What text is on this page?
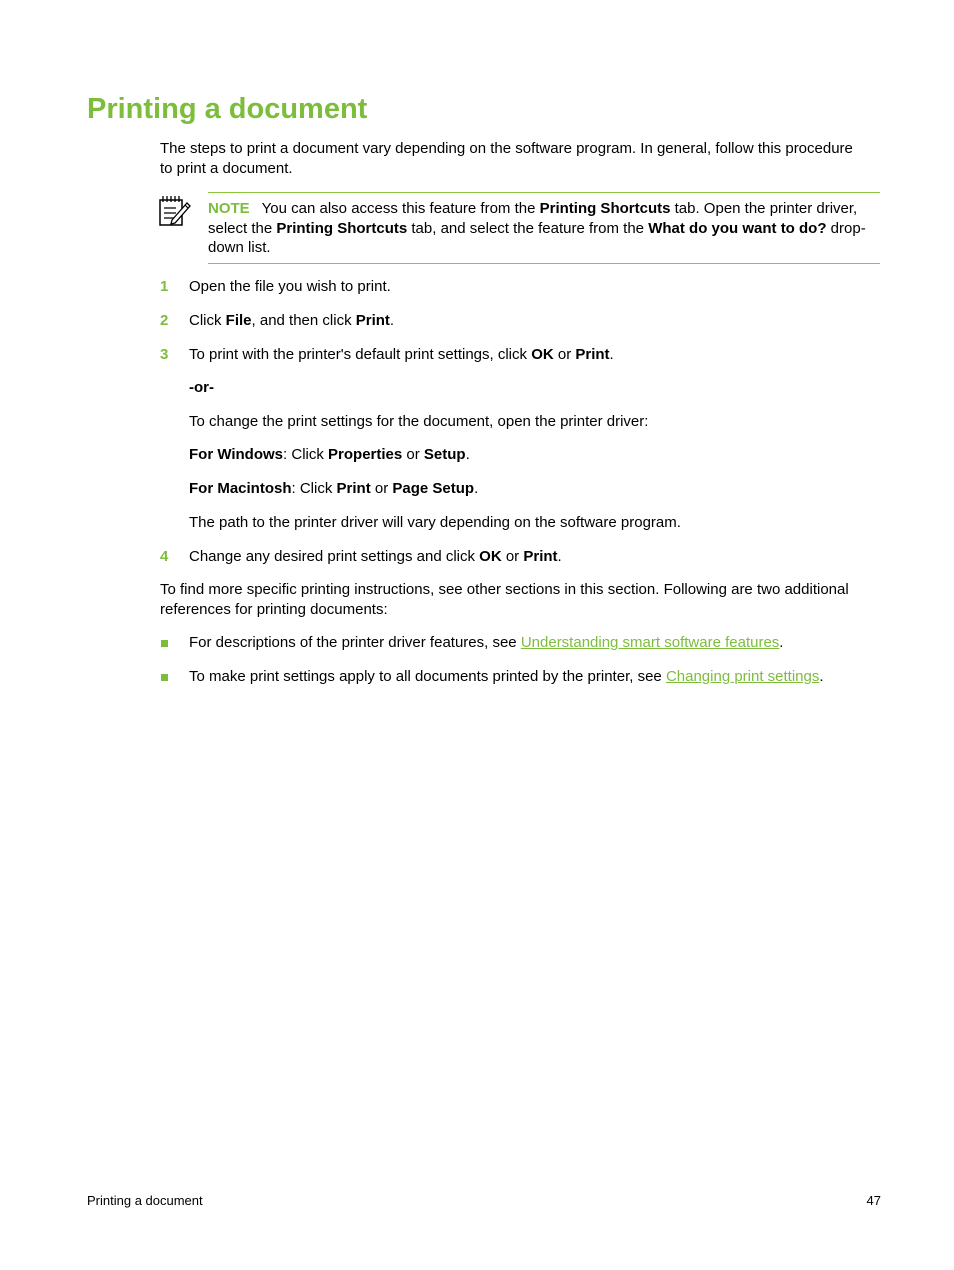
Printing a document
The steps to print a document vary depending on the software program. In general, follow this procedure to print a document.
NOTE You can also access this feature from the Printing Shortcuts tab. Open the printer driver, select the Printing Shortcuts tab, and select the feature from the What do you want to do? drop-down list.
1 Open the file you wish to print.
2 Click File, and then click Print.
3 To print with the printer's default print settings, click OK or Print.
-or-
To change the print settings for the document, open the printer driver:
For Windows: Click Properties or Setup.
For Macintosh: Click Print or Page Setup.
The path to the printer driver will vary depending on the software program.
4 Change any desired print settings and click OK or Print.
To find more specific printing instructions, see other sections in this section. Following are two additional references for printing documents:
For descriptions of the printer driver features, see Understanding smart software features.
To make print settings apply to all documents printed by the printer, see Changing print settings.
Printing a document	47
